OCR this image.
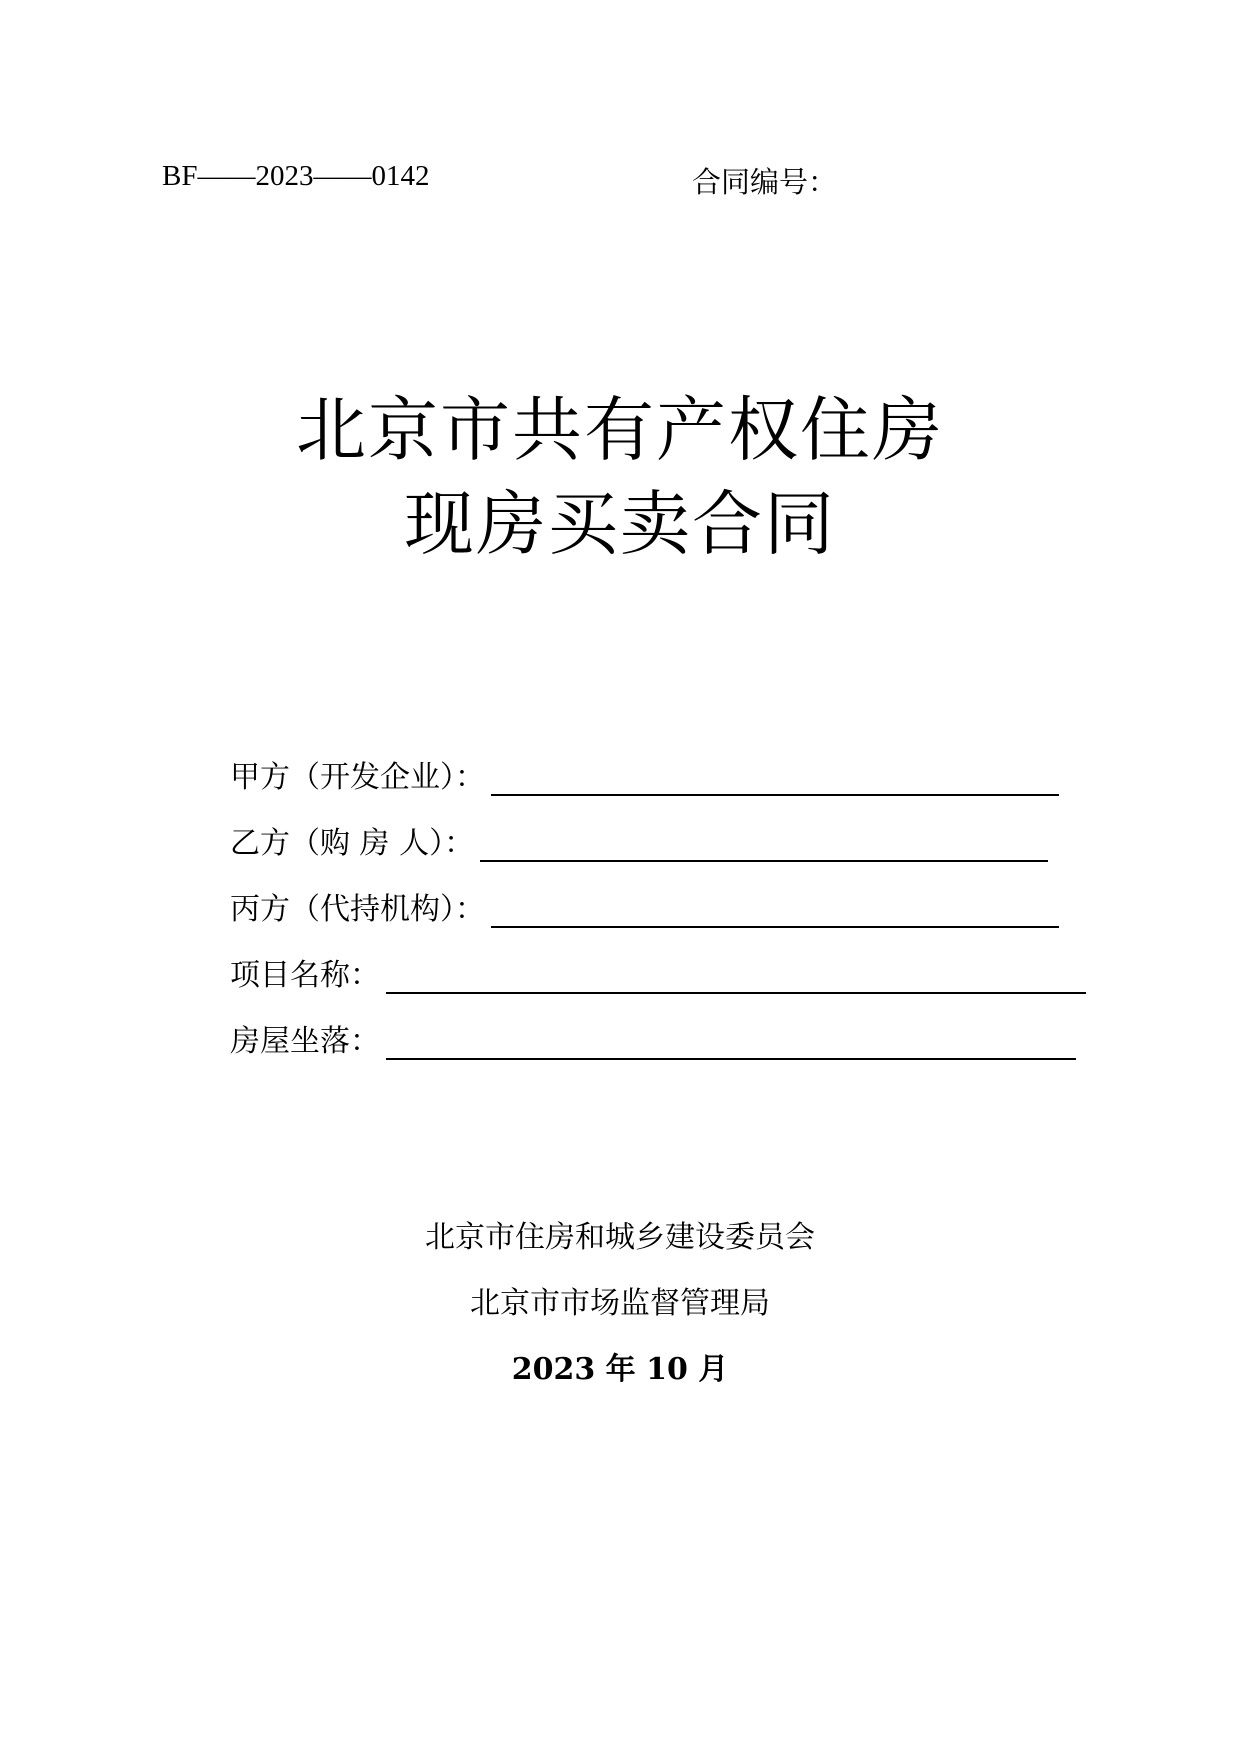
BF——2023——0142	合同编号：
北京市共有产权住房
现房买卖合同
甲方（开发企业）：
乙方（购 房 人）：
丙方（代持机构）：
项目名称：
房屋坐落：
北京市住房和城乡建设委员会
北京市市场监督管理局
2023 年 10 月
